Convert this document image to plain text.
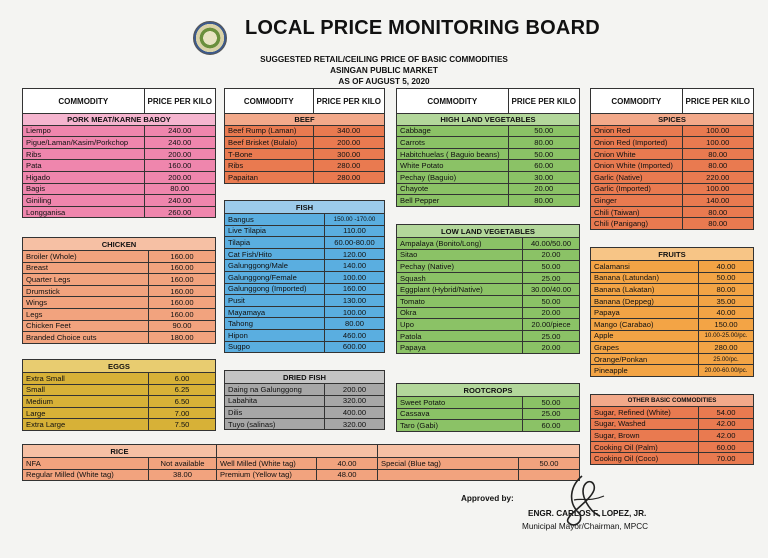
LOCAL PRICE MONITORING BOARD
SUGGESTED RETAIL/CEILING PRICE OF BASIC COMMODITIES
ASINGAN PUBLIC MARKET
AS OF AUGUST 5, 2020
COMMODITY	PRICE PER KILO
PORK MEAT/KARNE BABOY	
Liempo	240.00
Pigue/Laman/Kasim/Porkchop	240.00
Ribs	200.00
Pata	160.00
Higado	200.00
Bagis	80.00
Giniling	240.00
Longganisa	260.00
CHICKEN	
Broiler (Whole)	160.00
Breast	160.00
Quarter Legs	160.00
Drumstick	160.00
Wings	160.00
Legs	160.00
Chicken Feet	90.00
Branded Choice cuts	180.00
EGGS	
Extra Small	6.00
Small	6.25
Medium	6.50
Large	7.00
Extra Large	7.50
COMMODITY	PRICE PER KILO
BEEF	
Beef Rump (Laman)	340.00
Beef Brisket (Bulalo)	200.00
T-Bone	300.00
Ribs	280.00
Papaitan	280.00
FISH	
Bangus	150.00 -170.00
Live Tilapia	110.00
Tilapia	60.00-80.00
Cat Fish/Hito	120.00
Galunggong/Male	140.00
Galunggong/Female	100.00
Galunggong (Imported)	160.00
Pusit	130.00
Mayamaya	100.00
Tahong	80.00
Hipon	460.00
Sugpo	600.00
DRIED FISH	
Daing na Galunggong	200.00
Labahita	320.00
Dilis	400.00
Tuyo (salinas)	320.00
COMMODITY	PRICE PER KILO
HIGH LAND VEGETABLES	
Cabbage	50.00
Carrots	80.00
Habitchuelas ( Baguio beans)	50.00
White Potato	60.00
Pechay (Baguio)	30.00
Chayote	20.00
Bell Pepper	80.00
LOW LAND VEGETABLES	
Ampalaya (Bonito/Long)	40.00/50.00
Sitao	20.00
Pechay (Native)	50.00
Squash	25.00
Eggplant (Hybrid/Native)	30.00/40.00
Tomato	50.00
Okra	20.00
Upo	20.00/piece
Patola	25.00
Papaya	20.00
ROOTCROPS	
Sweet Potato	50.00
Cassava	25.00
Taro (Gabi)	60.00
COMMODITY	PRICE PER KILO
SPICES	
Onion Red	100.00
Onion Red (Imported)	100.00
Onion White	80.00
Onion White (Imported)	80.00
Garlic (Native)	220.00
Garlic (Imported)	100.00
Ginger	140.00
Chili (Taiwan)	80.00
Chili (Panigang)	80.00
FRUITS	
Calamansi	40.00
Banana (Latundan)	50.00
Banana (Lakatan)	80.00
Banana (Deppeg)	35.00
Papaya	40.00
Mango (Carabao)	150.00
Apple	10.00-25.00/pc.
Grapes	280.00
Orange/Ponkan	25.00/pc.
Pineapple	20.00-60.00/pc.
OTHER BASIC COMMODITIES	
Sugar, Refined (White)	54.00
Sugar, Washed	42.00
Sugar, Brown	42.00
Cooking Oil (Palm)	60.00
Cooking Oil (Coco)	70.00
RICE					
NFA	Not available	Well Milled (White tag)	40.00	Special (Blue tag)	50.00
Regular Milled (White tag)	38.00	Premium (Yellow tag)	48.00		
Approved by:
ENGR. CARLOS F. LOPEZ, JR.
Municipal Mayor/Chairman, MPCC
